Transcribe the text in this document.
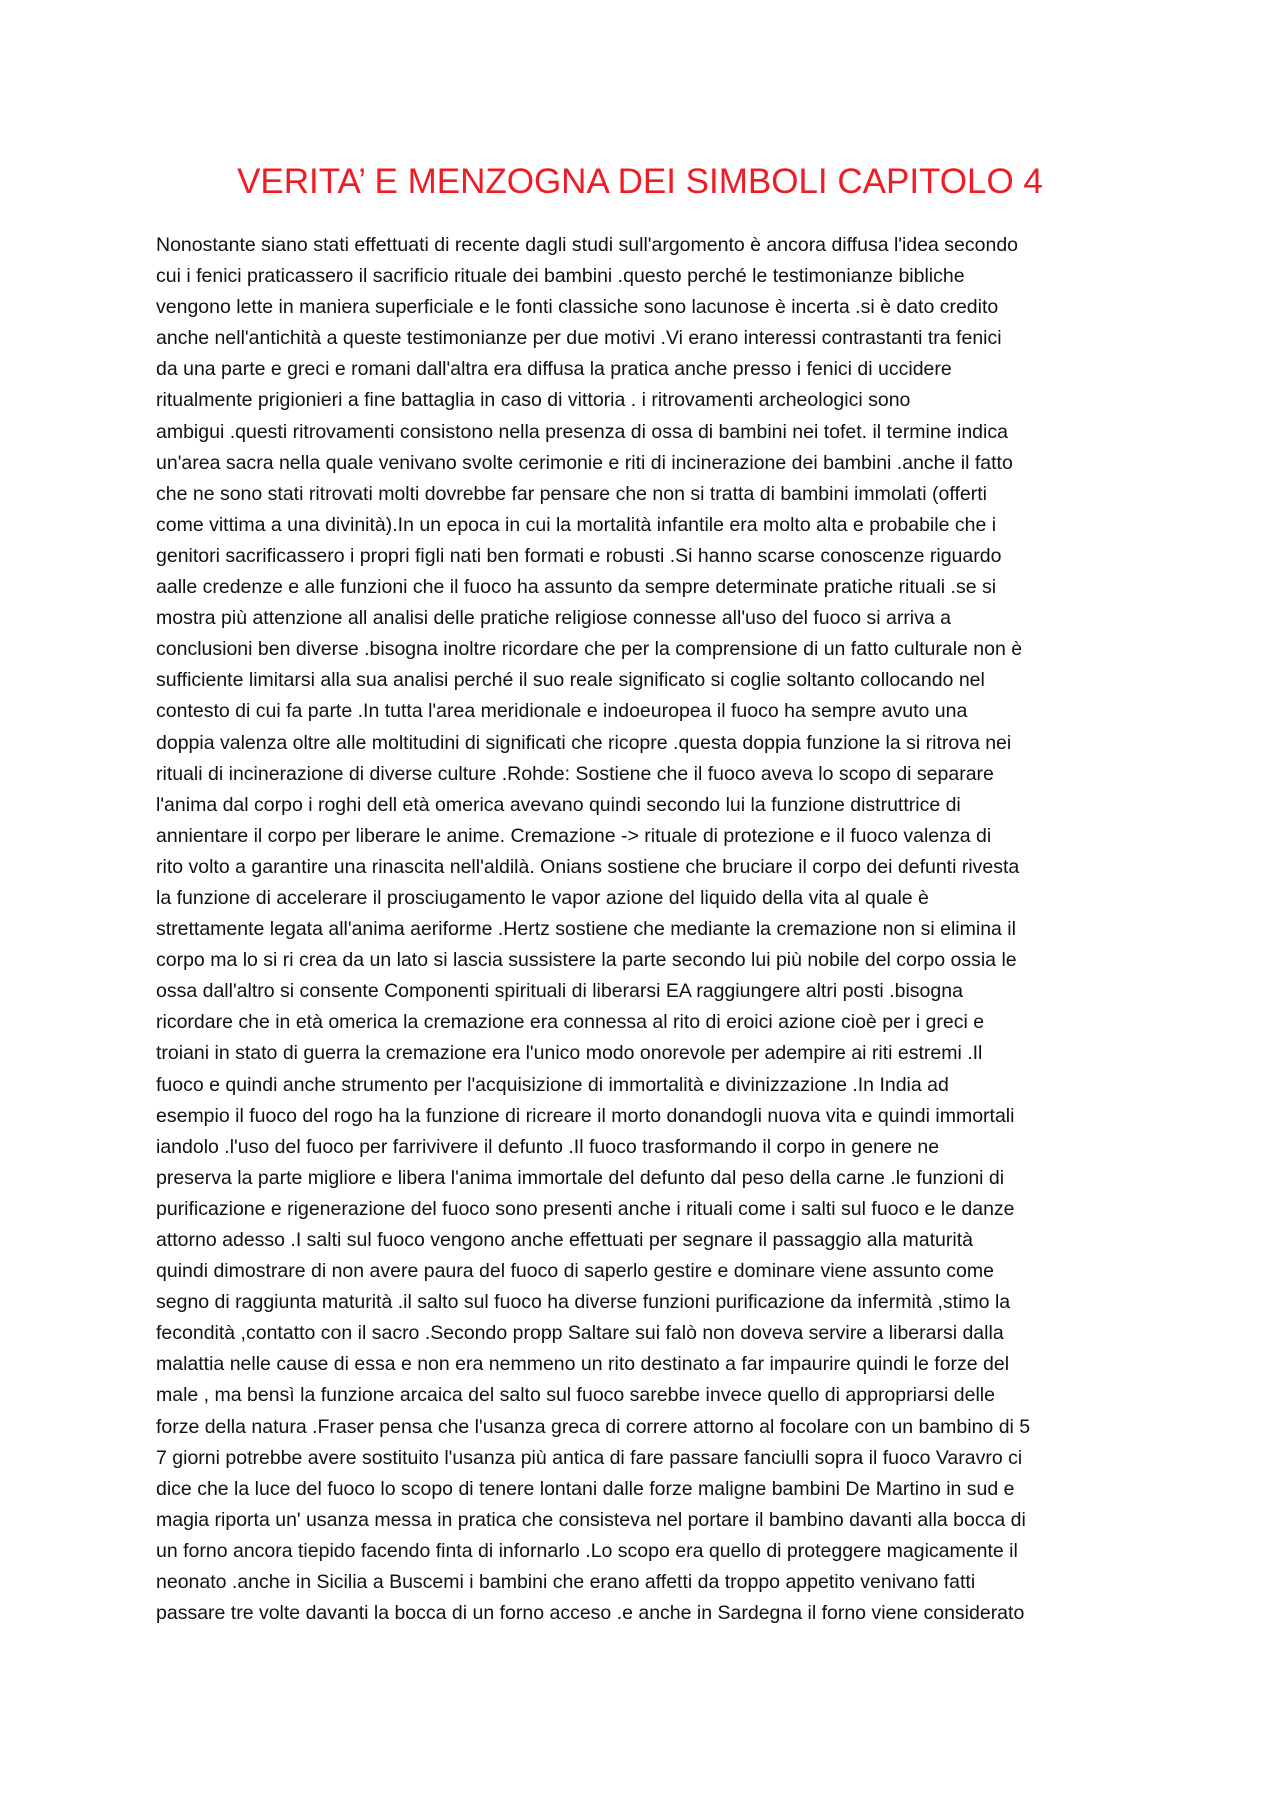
VERITA’ E MENZOGNA DEI SIMBOLI CAPITOLO 4
Nonostante siano stati effettuati di recente dagli studi sull'argomento è ancora diffusa l'idea secondo
cui i fenici praticassero il sacrificio rituale dei bambini .questo perché le testimonianze bibliche
vengono lette in maniera superficiale e le fonti classiche sono lacunose è incerta .si è dato credito
anche nell'antichità a queste testimonianze per due motivi .Vi erano interessi contrastanti tra fenici
da una parte e greci e romani dall'altra era diffusa la pratica anche presso i fenici di uccidere
ritualmente prigionieri a fine battaglia in caso di vittoria . i ritrovamenti archeologici sono
ambigui .questi ritrovamenti consistono nella presenza di ossa di bambini nei tofet. il termine indica
un'area sacra nella quale venivano svolte cerimonie e riti di incinerazione dei bambini .anche il fatto
che ne sono stati ritrovati molti dovrebbe far pensare che non si tratta di bambini immolati (offerti
come vittima a una divinità).In un epoca in cui la mortalità infantile era molto alta e probabile che i
genitori sacrificassero i propri figli nati ben formati e robusti .Si hanno scarse conoscenze riguardo
aalle credenze e alle funzioni che il fuoco ha assunto da sempre determinate pratiche rituali .se si
mostra più attenzione all analisi delle pratiche religiose connesse all'uso del fuoco si arriva a
conclusioni ben diverse .bisogna inoltre ricordare che per la comprensione di un fatto culturale non è
sufficiente limitarsi alla sua analisi perché il suo reale significato si coglie soltanto collocando nel
contesto di cui fa parte .In tutta l'area meridionale e indoeuropea il fuoco ha sempre avuto una
doppia valenza oltre alle moltitudini di significati che ricopre .questa doppia funzione la si ritrova nei
rituali di incinerazione di diverse culture .Rohde: Sostiene che il fuoco aveva lo scopo di separare
l'anima dal corpo i roghi dell età omerica avevano quindi secondo lui la funzione distruttrice di
annientare il corpo per liberare le anime. Cremazione -> rituale di protezione e il fuoco valenza di
rito volto a garantire una rinascita nell'aldilà. Onians sostiene che bruciare il corpo dei defunti rivesta
la funzione di accelerare il prosciugamento le vapor azione del liquido della vita al quale è
strettamente legata all'anima aeriforme .Hertz sostiene che mediante la cremazione non si elimina il
corpo ma lo si ri crea da un lato si lascia sussistere la parte secondo lui più nobile del corpo ossia le
ossa dall'altro si consente Componenti spirituali di liberarsi EA raggiungere altri posti .bisogna
ricordare che in età omerica la cremazione era connessa al rito di eroici azione cioè per i greci e
troiani in stato di guerra la cremazione era l'unico modo onorevole per adempire ai riti estremi .Il
fuoco e quindi anche strumento per l'acquisizione di immortalità e divinizzazione .In India ad
esempio il fuoco del rogo ha la funzione di ricreare il morto donandogli nuova vita e quindi immortali
iandolo .l'uso del fuoco per farrivivere il defunto .Il fuoco trasformando il corpo in genere ne
preserva la parte migliore e libera l'anima immortale del defunto dal peso della carne .le funzioni di
purificazione e rigenerazione del fuoco sono presenti anche i rituali come i salti sul fuoco e le danze
attorno adesso .I salti sul fuoco vengono anche effettuati per segnare il passaggio alla maturità
quindi dimostrare di non avere paura del fuoco di saperlo gestire e dominare viene assunto come
segno di raggiunta maturità .il salto sul fuoco ha diverse funzioni purificazione da infermità ,stimo la
fecondità ,contatto con il sacro .Secondo propp Saltare sui falò non doveva servire a liberarsi dalla
malattia nelle cause di essa e non era nemmeno un rito destinato a far impaurire quindi le forze del
male , ma bensì la funzione arcaica del salto sul fuoco sarebbe invece quello di appropriarsi delle
forze della natura .Fraser pensa che l'usanza greca di correre attorno al focolare con un bambino di 5
7 giorni potrebbe avere sostituito l'usanza più antica di fare passare fanciulli sopra il fuoco Varavro ci
dice che la luce del fuoco lo scopo di tenere lontani dalle forze maligne bambini De Martino in sud e
magia riporta un' usanza messa in pratica che consisteva nel portare il bambino davanti alla bocca di
un forno ancora tiepido facendo finta di infornarlo .Lo scopo era quello di proteggere magicamente il
neonato .anche in Sicilia a Buscemi i bambini che erano affetti da troppo appetito venivano fatti
passare tre volte davanti la bocca di un forno acceso .e anche in Sardegna il forno viene considerato
